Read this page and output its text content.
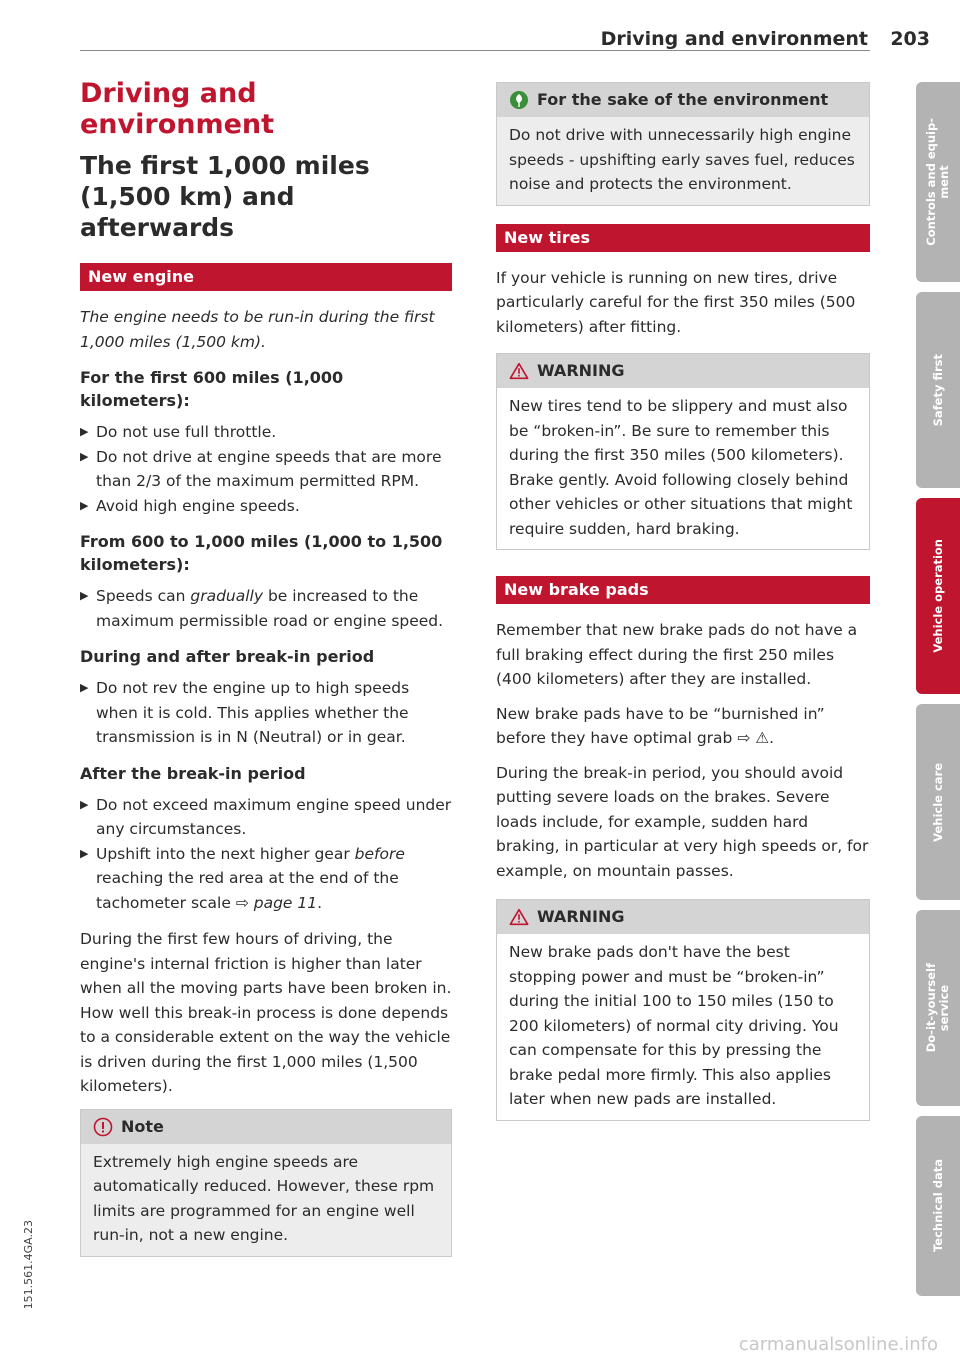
Driving and environment 203
Driving and environment
The first 1,000 miles (1,500 km) and afterwards
New engine

The engine needs to be run-in during the first 1,000 miles (1,500 km).

For the first 600 miles (1,000 kilometers):
▶ Do not use full throttle.
▶ Do not drive at engine speeds that are more than 2/3 of the maximum permitted RPM.
▶ Avoid high engine speeds.
From 600 to 1,000 miles (1,000 to 1,500 kilometers):
▶ Speeds can gradually be increased to the maximum permissible road or engine speed.
During and after break-in period
▶ Do not rev the engine up to high speeds when it is cold. This applies whether the transmission is in N (Neutral) or in gear.
After the break-in period
▶ Do not exceed maximum engine speed under any circumstances.
▶ Upshift into the next higher gear before reaching the red area at the end of the tachometer scale ⇨ page 11.

During the first few hours of driving, the engine's internal friction is higher than later when all the moving parts have been broken in. How well this break-in process is done depends to a considerable extent on the way the vehicle is driven during the first 1,000 miles (1,500 kilometers).

Note
Extremely high engine speeds are automatically reduced. However, these rpm limits are programmed for an engine well run-in, not a new engine.
For the sake of the environment
Do not drive with unnecessarily high engine speeds - upshifting early saves fuel, reduces noise and protects the environment.
New tires

If your vehicle is running on new tires, drive particularly careful for the first 350 miles (500 kilometers) after fitting.

WARNING
New tires tend to be slippery and must also be “broken-in”. Be sure to remember this during the first 350 miles (500 kilometers). Brake gently. Avoid following closely behind other vehicles or other situations that might require sudden, hard braking.
New brake pads

Remember that new brake pads do not have a full braking effect during the first 250 miles (400 kilometers) after they are installed.

New brake pads have to be “burnished in” before they have optimal grab ⇨ ⚠.

During the break-in period, you should avoid putting severe loads on the brakes. Severe loads include, for example, sudden hard braking, in particular at very high speeds or, for example, on mountain passes.

WARNING
New brake pads don't have the best stopping power and must be “broken-in” during the initial 100 to 150 miles (150 to 200 kilometers) of normal city driving. You can compensate for this by pressing the brake pedal more firmly. This also applies later when new pads are installed.
Controls and equip-
ment
Safety first
Vehicle operation
Vehicle care
Do-it-yourself
service
Technical data
151.561.4GA.23
carmanualsonline.info
